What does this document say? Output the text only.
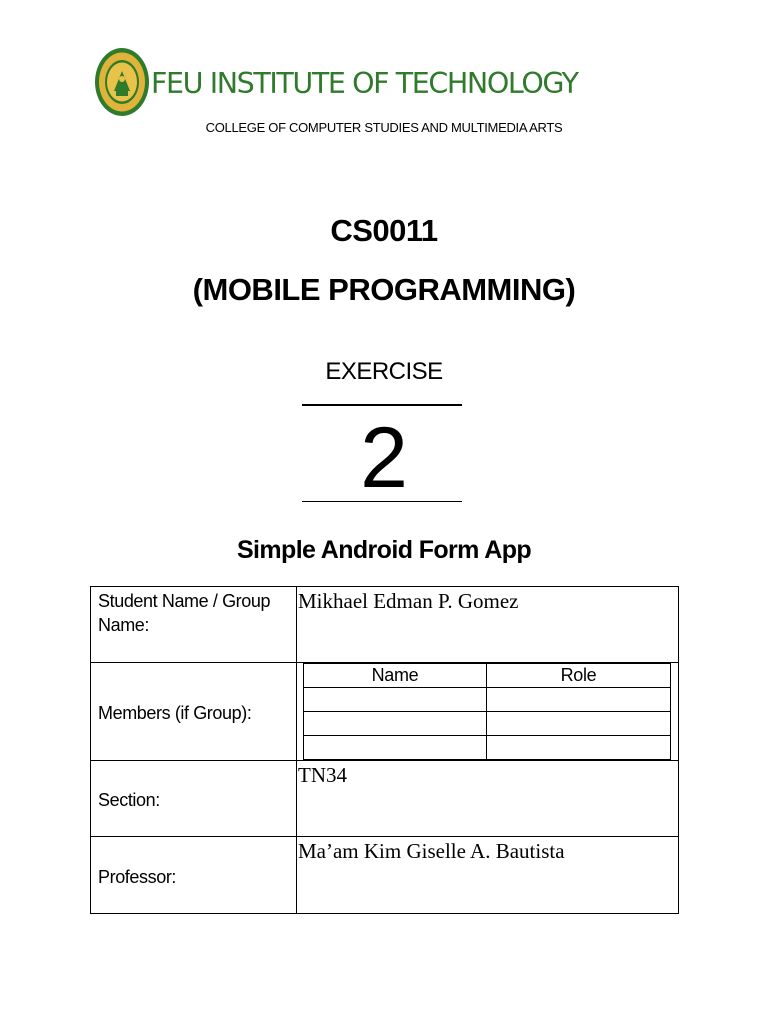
FEU INSTITUTE OF TECHNOLOGY
COLLEGE OF COMPUTER STUDIES AND MULTIMEDIA ARTS
CS0011
(MOBILE PROGRAMMING)
EXERCISE
2
Simple Android Form App
Student Name / Group
Name:
	Mikhael Edman P. Gomez
Members (if Group):	
Name	Role

Section:	TN34
Professor:	Ma’am Kim Giselle A. Bautista
